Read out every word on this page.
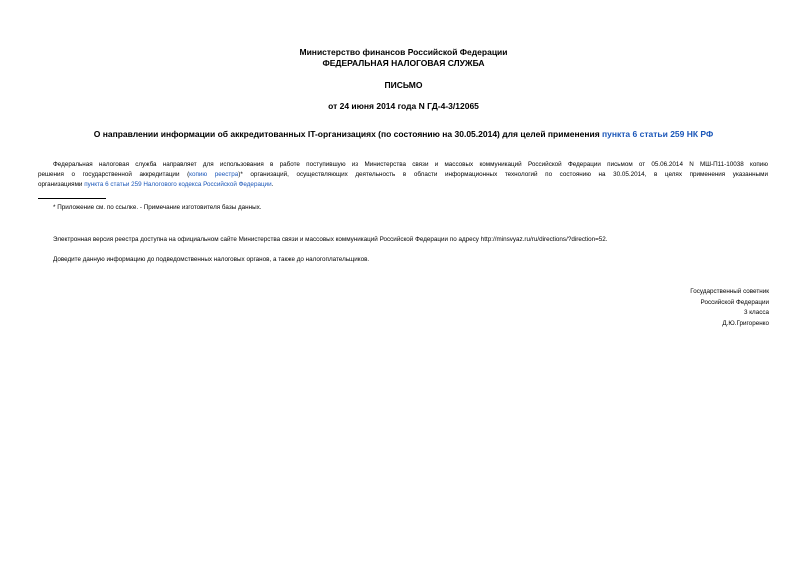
Министерство финансов Российской Федерации
ФЕДЕРАЛЬНАЯ НАЛОГОВАЯ СЛУЖБА
ПИСЬМО
от 24 июня 2014 года N ГД-4-3/12065
О направлении информации об аккредитованных IT-организациях (по состоянию на 30.05.2014) для целей применения пункта 6 статьи 259 НК РФ
Федеральная налоговая служба направляет для использования в работе поступившую из Министерства связи и массовых коммуникаций Российской Федерации письмом от 05.06.2014 N МШ-П11-10038 копию
решения о государственной аккредитации (копию реестра)* организаций, осуществляющих деятельность в области информационных технологий по состоянию на 30.05.2014, в целях применения указанными
организациями пункта 6 статьи 259 Налогового кодекса Российской Федерации.
* Приложение см. по ссылке. - Примечание изготовителя базы данных.
Электронная версия реестра доступна на официальном сайте Министерства связи и массовых коммуникаций Российской Федерации по адресу http://minsvyaz.ru/ru/directions/?direction=52.
Доведите данную информацию до подведомственных налоговых органов, а также до налогоплательщиков.
Государственный советник
Российской Федерации
3 класса
Д.Ю.Григоренко
